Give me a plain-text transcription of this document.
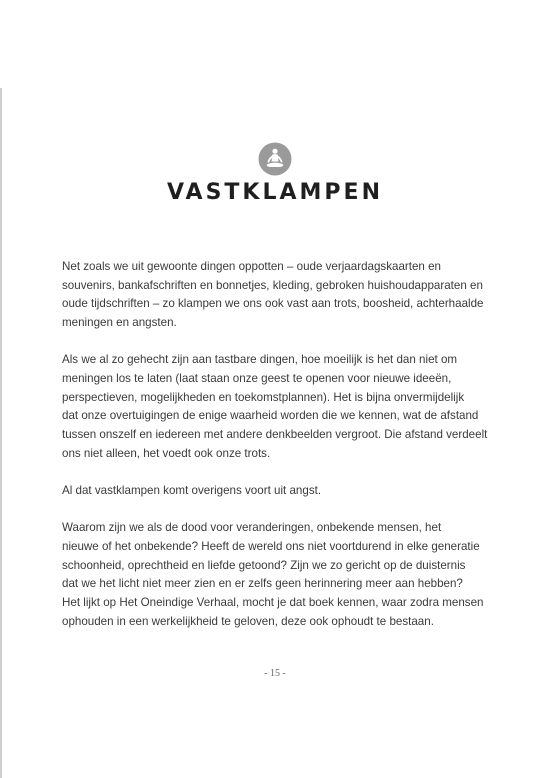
VASTKLAMPEN

Net zoals we uit gewoonte dingen oppotten – oude verjaardagskaarten en
souvenirs, bankafschriften en bonnetjes, kleding, gebroken huishoudapparaten en
oude tijdschriften – zo klampen we ons ook vast aan trots, boosheid, achterhaalde
meningen en angsten.

Als we al zo gehecht zijn aan tastbare dingen, hoe moeilijk is het dan niet om
meningen los te laten (laat staan onze geest te openen voor nieuwe ideeën,
perspectieven, mogelijkheden en toekomstplannen). Het is bijna onvermijdelijk
dat onze overtuigingen de enige waarheid worden die we kennen, wat de afstand
tussen onszelf en iedereen met andere denkbeelden vergroot. Die afstand verdeelt
ons niet alleen, het voedt ook onze trots.

Al dat vastklampen komt overigens voort uit angst.

Waarom zijn we als de dood voor veranderingen, onbekende mensen, het
nieuwe of het onbekende? Heeft de wereld ons niet voortdurend in elke generatie
schoonheid, oprechtheid en liefde getoond? Zijn we zo gericht op de duisternis
dat we het licht niet meer zien en er zelfs geen herinnering meer aan hebben?
Het lijkt op Het Oneindige Verhaal, mocht je dat boek kennen, waar zodra mensen
ophouden in een werkelijkheid te geloven, deze ook ophoudt te bestaan.

- 15 -
